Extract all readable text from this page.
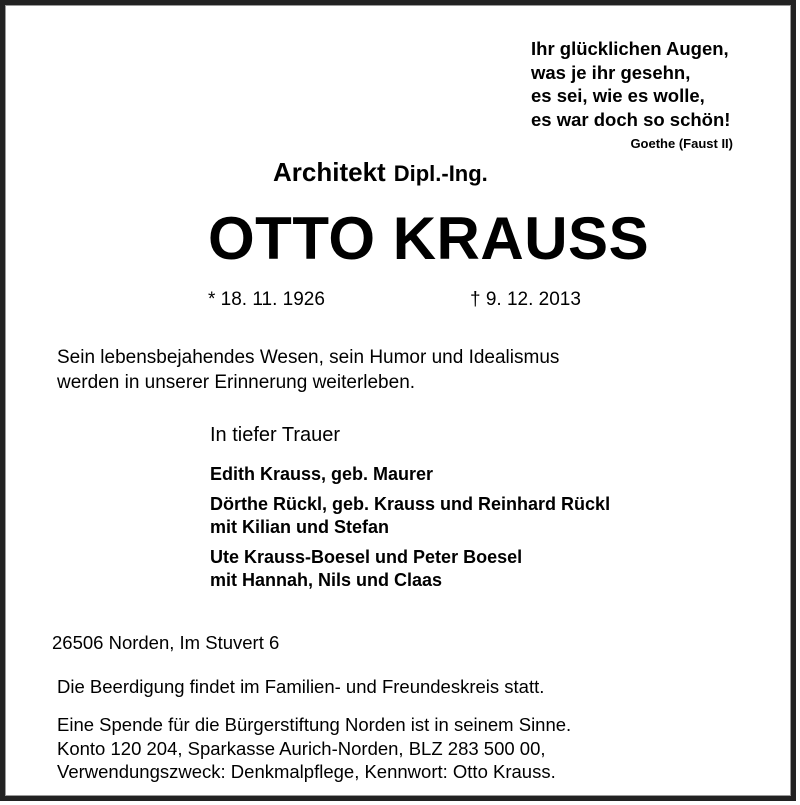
Ihr glücklichen Augen,
was je ihr gesehn,
es sei, wie es wolle,
es war doch so schön!
Goethe (Faust II)
Architekt Dipl.-Ing.
OTTO KRAUSS
* 18. 11. 1926	† 9. 12. 2013
Sein lebensbejahendes Wesen, sein Humor und Idealismus
werden in unserer Erinnerung weiterleben.
In tiefer Trauer
Edith Krauss, geb. Maurer
Dörthe Rückl, geb. Krauss und Reinhard Rückl
mit Kilian und Stefan
Ute Krauss-Boesel und Peter Boesel
mit Hannah, Nils und Claas
26506 Norden, Im Stuvert 6
Die Beerdigung findet im Familien- und Freundeskreis statt.
Eine Spende für die Bürgerstiftung Norden ist in seinem Sinne.
Konto 120 204, Sparkasse Aurich-Norden, BLZ 283 500 00,
Verwendungszweck: Denkmalpflege, Kennwort: Otto Krauss.
